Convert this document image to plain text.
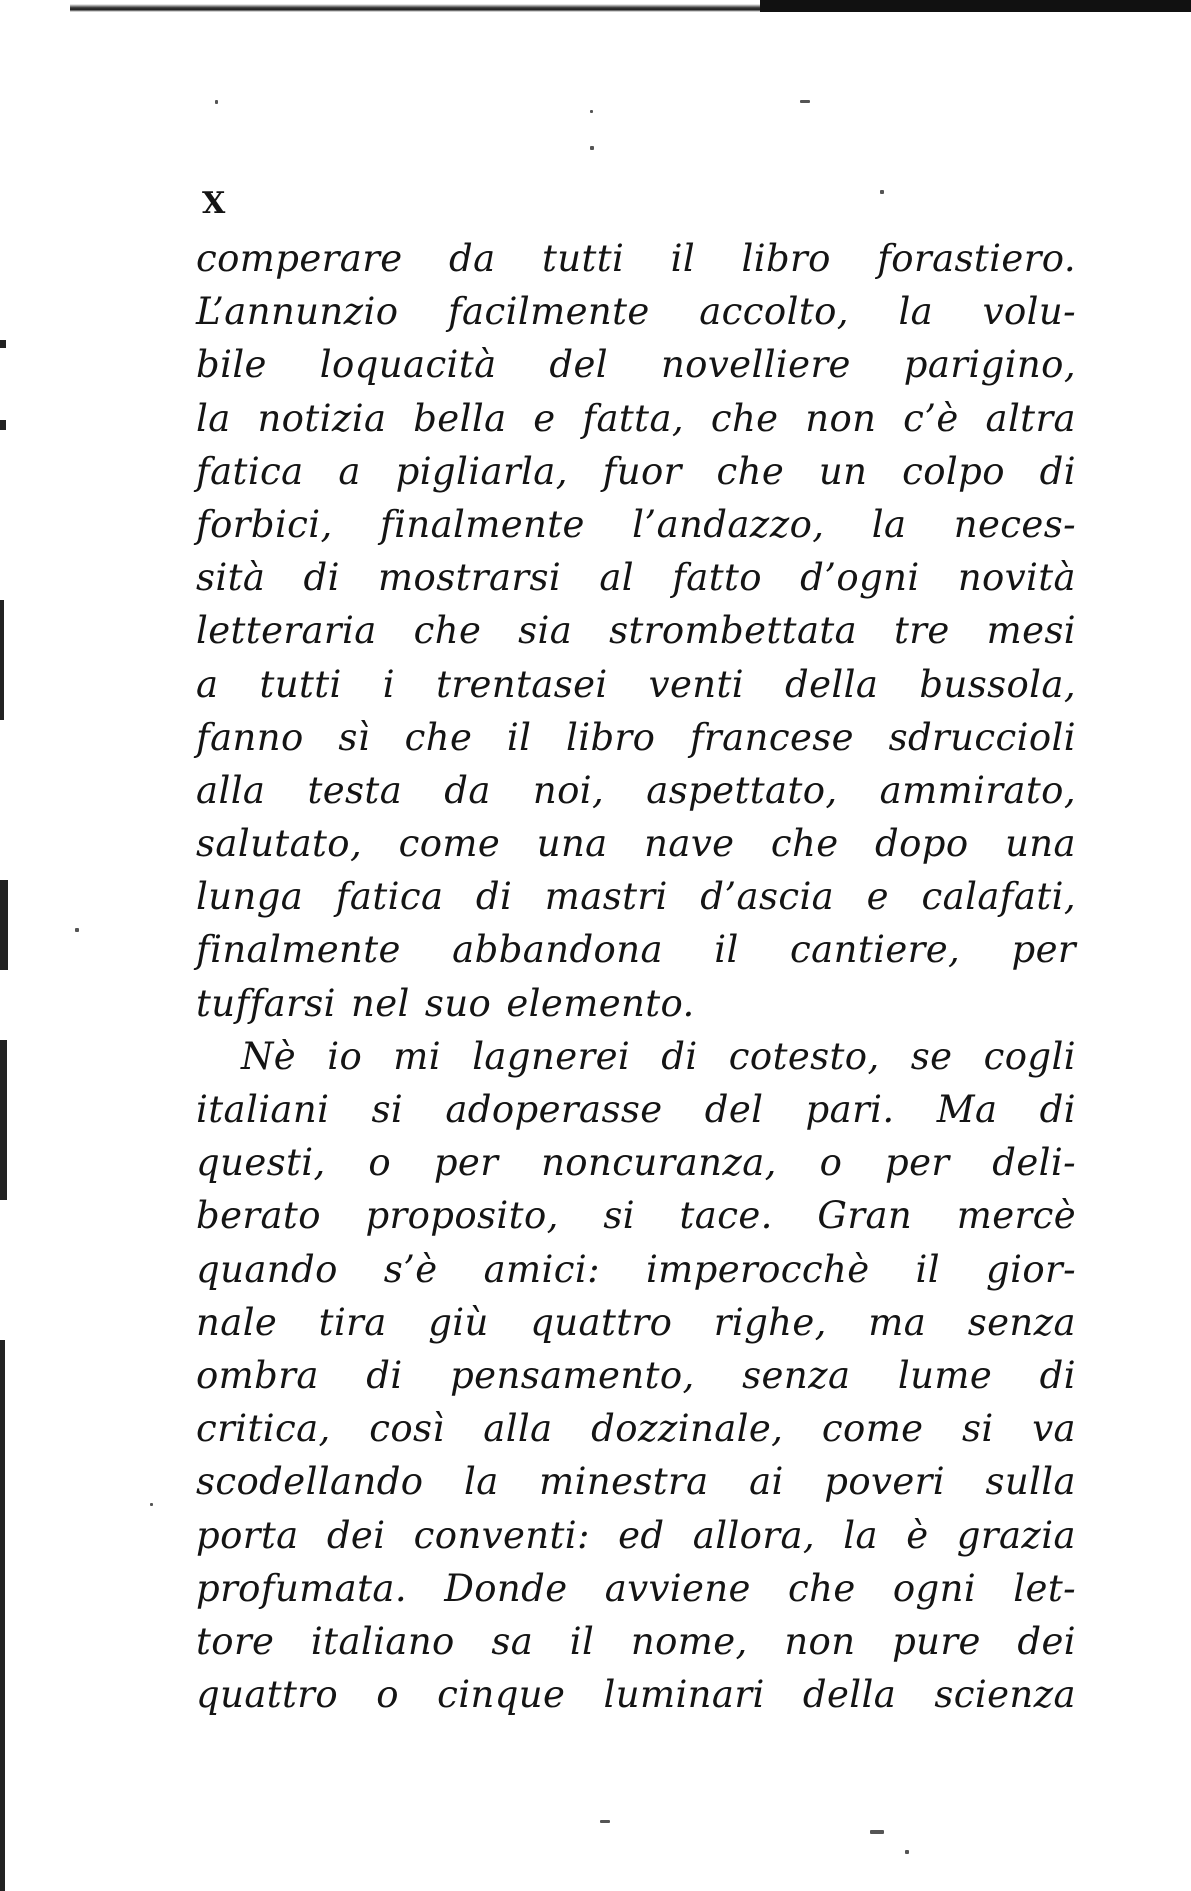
X
comperare da tutti il libro forastiero.
L’annunzio facilmente accolto, la volu-
bile loquacità del novelliere parigino,
la notizia bella e fatta, che non c’è altra
fatica a pigliarla, fuor che un colpo di
forbici, finalmente l’andazzo, la neces-
sità di mostrarsi al fatto d’ogni novità
letteraria che sia strombettata tre mesi
a tutti i trentasei venti della bussola,
fanno sì che il libro francese sdruccioli
alla testa da noi, aspettato, ammirato,
salutato, come una nave che dopo una
lunga fatica di mastri d’ascia e calafati,
finalmente abbandona il cantiere, per
tuffarsi nel suo elemento.
Nè io mi lagnerei di cotesto, se cogli
italiani si adoperasse del pari. Ma di
questi, o per noncuranza, o per deli-
berato proposito, si tace. Gran mercè
quando s’è amici: imperocchè il gior-
nale tira giù quattro righe, ma senza
ombra di pensamento, senza lume di
critica, così alla dozzinale, come si va
scodellando la minestra ai poveri sulla
porta dei conventi: ed allora, la è grazia
profumata. Donde avviene che ogni let-
tore italiano sa il nome, non pure dei
quattro o cinque luminari della scienza
